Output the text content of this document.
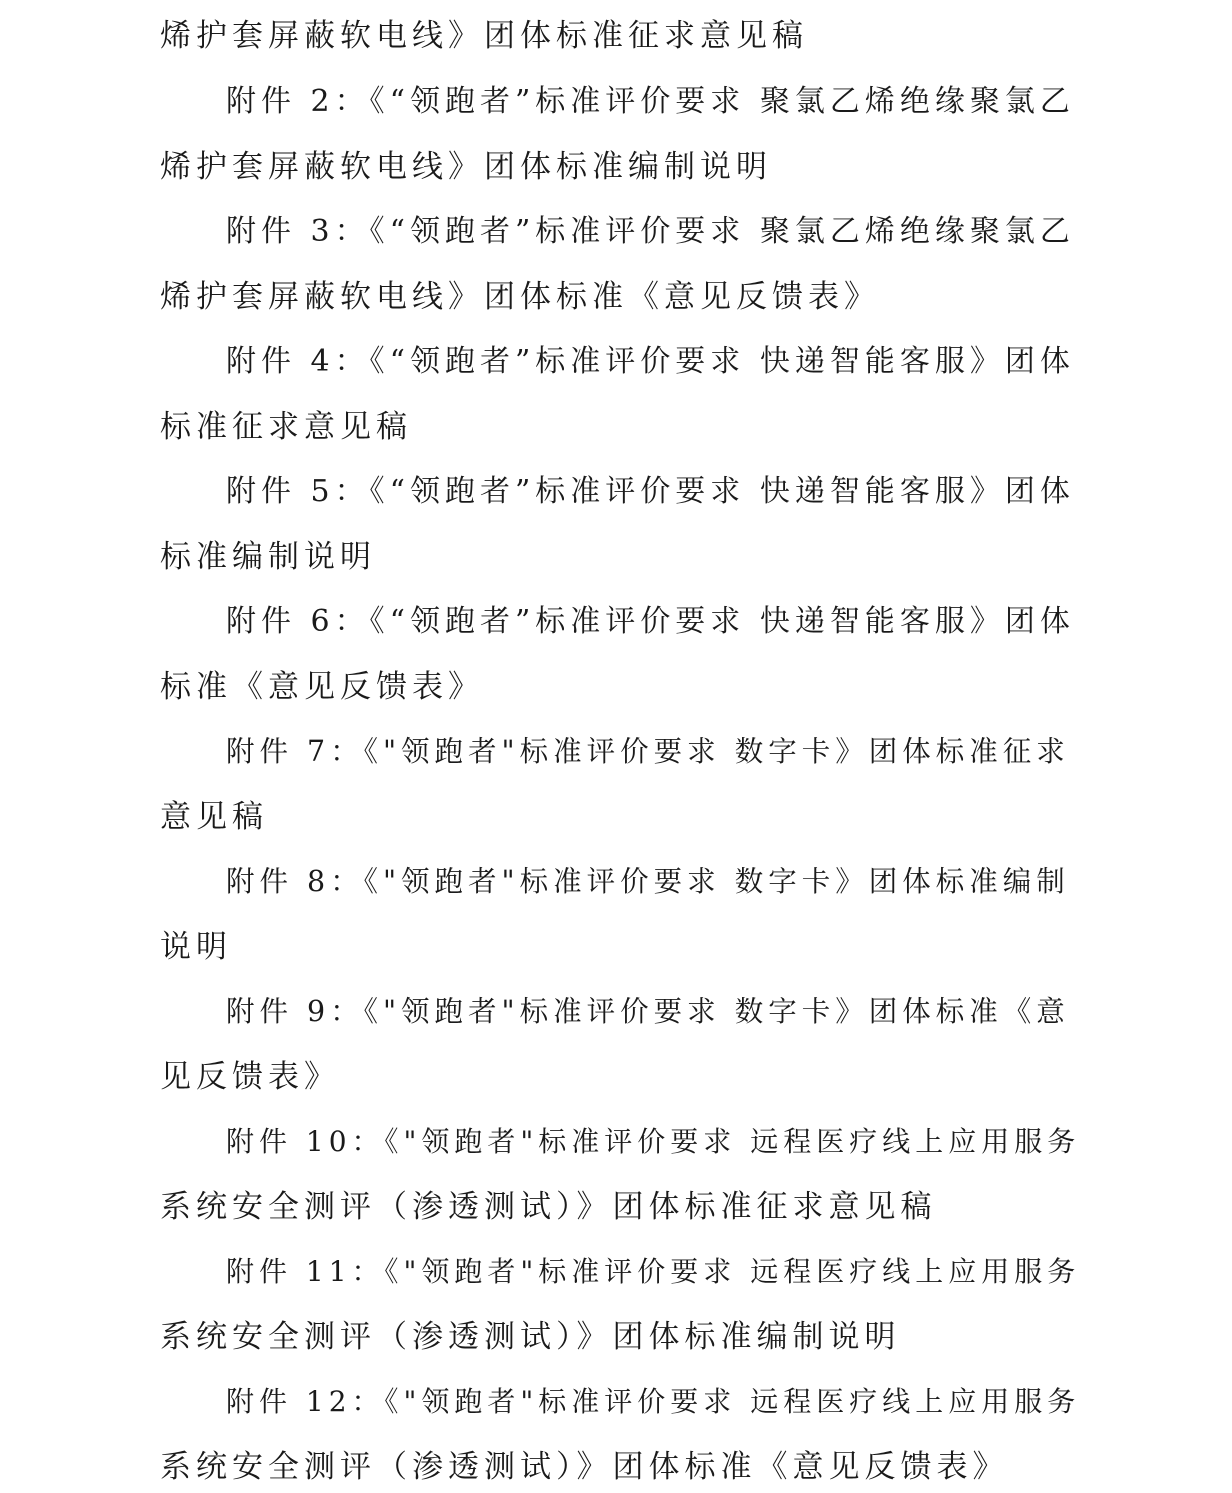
烯护套屏蔽软电线》团体标准征求意见稿
附件 2：《“领跑者”标准评价要求 聚氯乙烯绝缘聚氯乙
烯护套屏蔽软电线》团体标准编制说明
附件 3：《“领跑者”标准评价要求 聚氯乙烯绝缘聚氯乙
烯护套屏蔽软电线》团体标准《意见反馈表》
附件 4：《“领跑者”标准评价要求 快递智能客服》团体
标准征求意见稿
附件 5：《“领跑者”标准评价要求 快递智能客服》团体
标准编制说明
附件 6：《“领跑者”标准评价要求 快递智能客服》团体
标准《意见反馈表》
附件 7：《"领跑者"标准评价要求 数字卡》团体标准征求
意见稿
附件 8：《"领跑者"标准评价要求 数字卡》团体标准编制
说明
附件 9：《"领跑者"标准评价要求 数字卡》团体标准《意
见反馈表》
附件 10：《"领跑者"标准评价要求 远程医疗线上应用服务
系统安全测评（渗透测试）》团体标准征求意见稿
附件 11：《"领跑者"标准评价要求 远程医疗线上应用服务
系统安全测评（渗透测试）》团体标准编制说明
附件 12：《"领跑者"标准评价要求 远程医疗线上应用服务
系统安全测评（渗透测试）》团体标准《意见反馈表》
